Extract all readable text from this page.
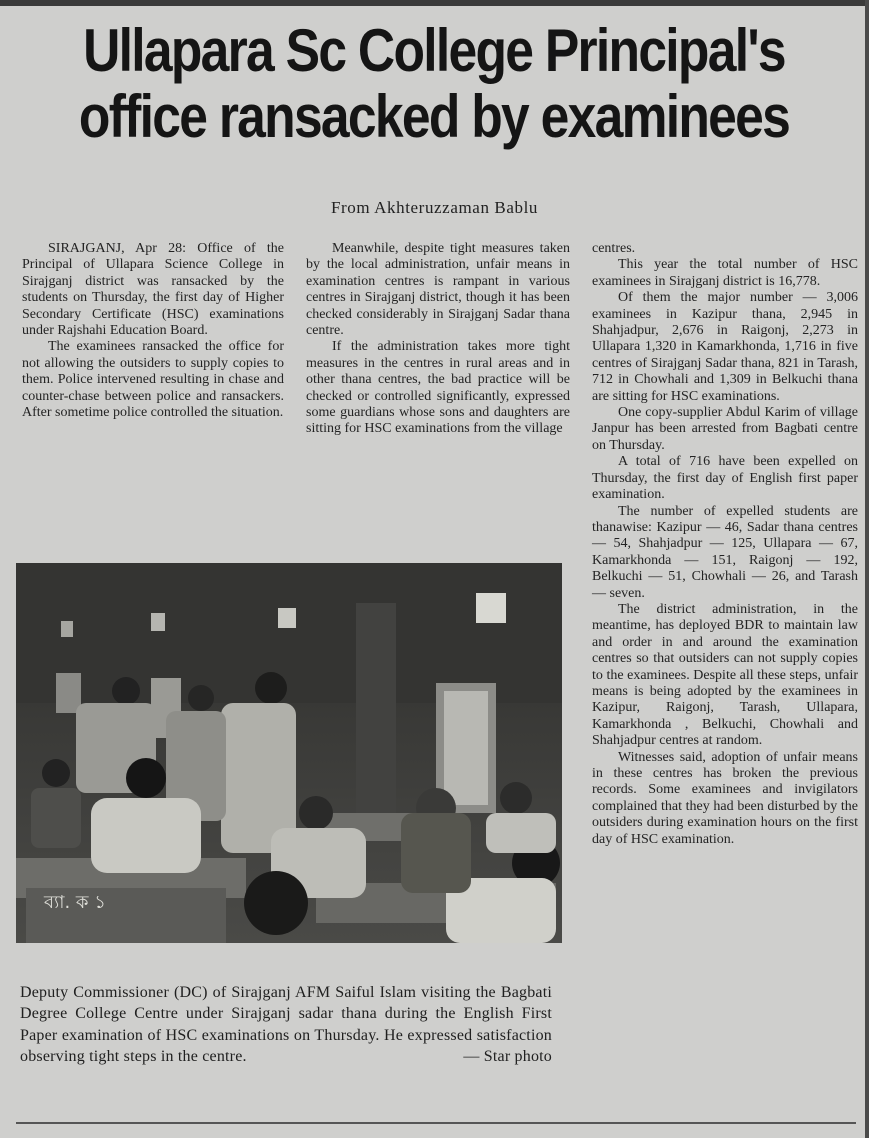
Ullapara Sc College Principal's
office ransacked by examinees
From Akhteruzzaman Bablu

SIRAJGANJ, Apr 28: Office of the Principal of Ullapara Science College in Sirajganj district was ransacked by the students on Thursday, the first day of Higher Secondary Certificate (HSC) examinations under Rajshahi Education Board.

The examinees ransacked the office for not allowing the outsiders to supply copies to them. Police intervened resulting in chase and counter-chase between police and ransackers. After sometime police controlled the situation.

Meanwhile, despite tight measures taken by the local administration, unfair means in examination centres is rampant in various centres in Sirajganj district, though it has been checked considerably in Sirajganj Sadar thana centre.

If the administration takes more tight measures in the centres in rural areas and in other thana centres, the bad practice will be checked or controlled significantly, expressed some guardians whose sons and daughters are sitting for HSC examinations from the village

centres.

This year the total number of HSC examinees in Sirajganj district is 16,778.

Of them the major number — 3,006 examinees in Kazipur thana, 2,945 in Shahjadpur, 2,676 in Raigonj, 2,273 in Ullapara 1,320 in Kamarkhonda, 1,716 in five centres of Sirajganj Sadar thana, 821 in Tarash, 712 in Chowhali and 1,309 in Belkuchi thana are sitting for HSC examinations.

One copy-supplier Abdul Karim of village Janpur has been arrested from Bagbati centre on Thursday.

A total of 716 have been expelled on Thursday, the first day of English first paper examination.

The number of expelled students are thanawise: Kazipur — 46, Sadar thana centres — 54, Shahjadpur — 125, Ullapara — 67, Kamarkhonda — 151, Raigonj — 192, Belkuchi — 51, Chowhali — 26, and Tarash — seven.

The district administration, in the meantime, has deployed BDR to maintain law and order in and around the examination centres so that outsiders can not supply copies to the examinees. Despite all these steps, unfair means is being adopted by the examinees in Kazipur, Raigonj, Tarash, Ullapara, Kamarkhonda , Belkuchi, Chowhali and Shahjadpur centres at random.

Witnesses said, adoption of unfair means in these centres has broken the previous records. Some examinees and invigilators complained that they had been disturbed by the outsiders during examination hours on the first day of HSC examination.

ব্যা. ক ১
Deputy Commissioner (DC) of Sirajganj AFM Saiful Islam visiting the Bagbati Degree College Centre under Sirajganj sadar thana during the English First Paper examination of HSC examinations on Thursday. He expressed satisfaction observing tight steps in the centre.	— Star photo
